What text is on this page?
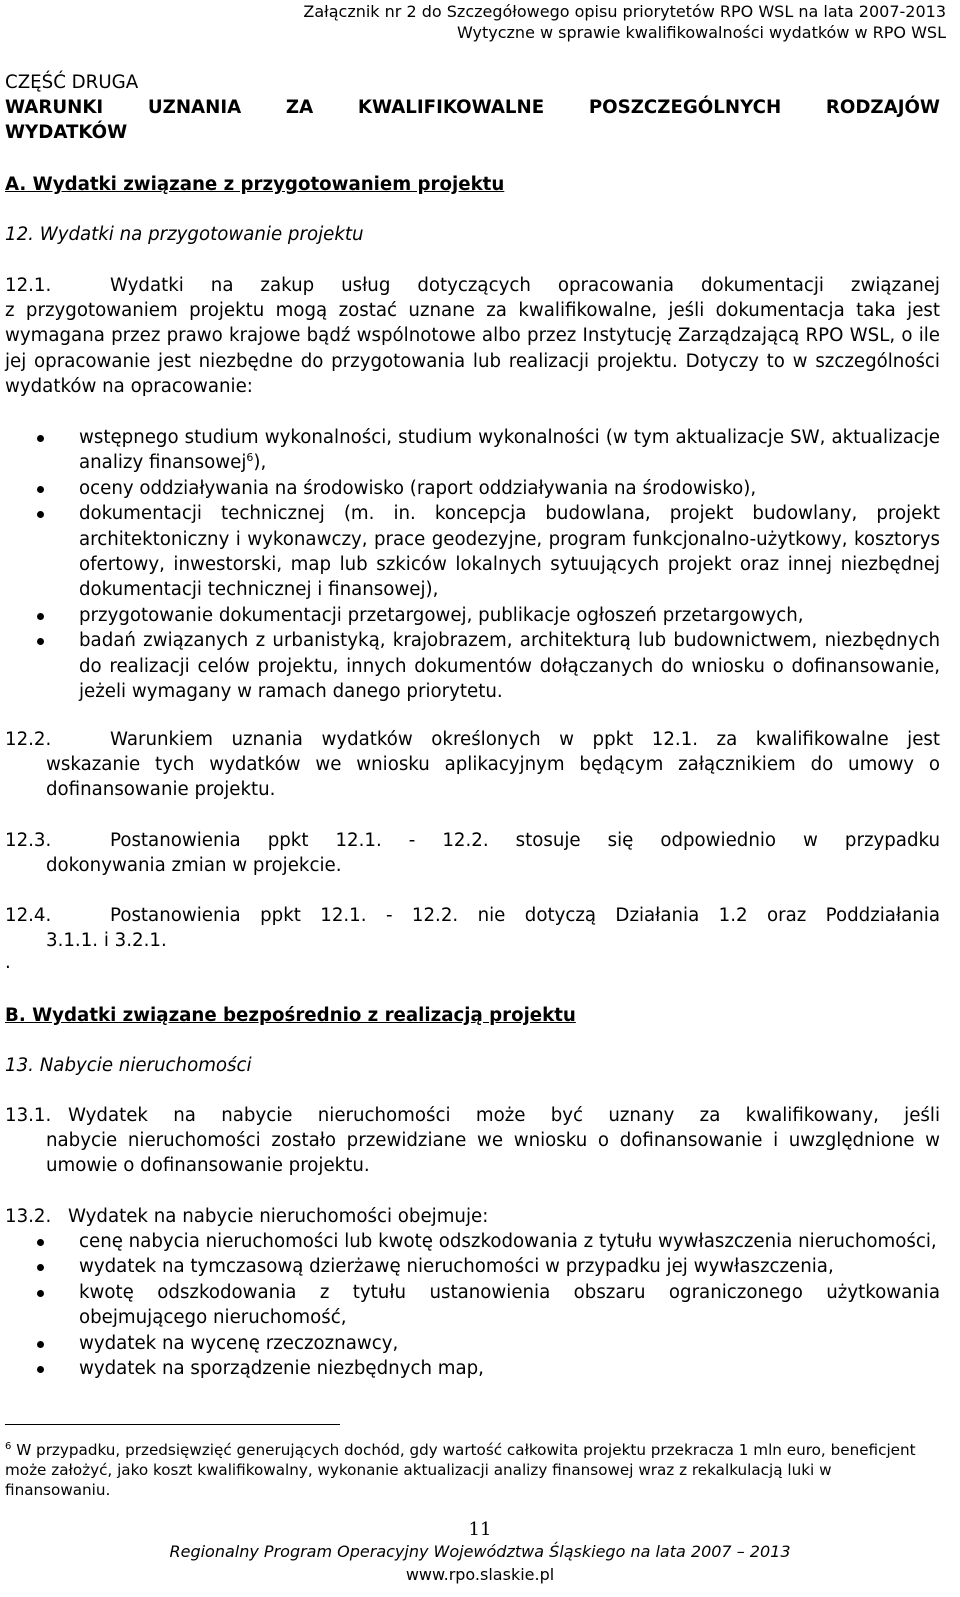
Załącznik nr 2 do Szczegółowego opisu priorytetów RPO WSL na lata 2007-2013
Wytyczne w sprawie kwalifikowalności wydatków w RPO WSL
CZĘŚĆ DRUGA
WARUNKI UZNANIA ZA KWALIFIKOWALNE POSZCZEGÓLNYCH RODZAJÓW
WYDATKÓW
A. Wydatki związane z przygotowaniem projektu
12. Wydatki na przygotowanie projektu
12.1.	Wydatki na zakup usług dotyczących opracowania dokumentacji związanej
z przygotowaniem projektu mogą zostać uznane za kwalifikowalne, jeśli dokumentacja taka jest wymagana przez prawo krajowe bądź wspólnotowe albo przez Instytucję Zarządzającą RPO WSL, o ile jej opracowanie jest niezbędne do przygotowania lub realizacji projektu. Dotyczy to w szczególności wydatków na opracowanie:
wstępnego studium wykonalności, studium wykonalności (w tym aktualizacje SW, aktualizacje analizy finansowej$^6$),
oceny oddziaływania na środowisko (raport oddziaływania na środowisko),
dokumentacji technicznej (m. in. koncepcja budowlana, projekt budowlany, projekt architektoniczny i wykonawczy, prace geodezyjne, program funkcjonalno-użytkowy, kosztorys ofertowy, inwestorski, map lub szkiców lokalnych sytuujących projekt oraz innej niezbędnej dokumentacji technicznej i finansowej),
przygotowanie dokumentacji przetargowej, publikacje ogłoszeń przetargowych,
badań związanych z urbanistyką, krajobrazem, architekturą lub budownictwem, niezbędnych do realizacji celów projektu, innych dokumentów dołączanych do wniosku o dofinansowanie, jeżeli wymagany w ramach danego priorytetu.
12.2.	Warunkiem uznania wydatków określonych w ppkt 12.1. za kwalifikowalne jest
wskazanie tych wydatków we wniosku aplikacyjnym będącym załącznikiem do umowy o dofinansowanie projektu.
12.3.	Postanowienia ppkt 12.1. - 12.2. stosuje się odpowiednio w przypadku
dokonywania zmian w projekcie.
12.4.	Postanowienia ppkt 12.1. - 12.2. nie dotyczą Działania 1.2 oraz Poddziałania
3.1.1. i 3.2.1.
.
B. Wydatki związane bezpośrednio z realizacją projektu
13. Nabycie nieruchomości
13.1. Wydatek na nabycie nieruchomości może być uznany za kwalifikowany, jeśli
nabycie nieruchomości zostało przewidziane we wniosku o dofinansowanie i uwzględnione w umowie o dofinansowanie projektu.
13.2. Wydatek na nabycie nieruchomości obejmuje:
cenę nabycia nieruchomości lub kwotę odszkodowania z tytułu wywłaszczenia nieruchomości,
wydatek na tymczasową dzierżawę nieruchomości w przypadku jej wywłaszczenia,
kwotę odszkodowania z tytułu ustanowienia obszaru ograniczonego użytkowania obejmującego nieruchomość,
wydatek na wycenę rzeczoznawcy,
wydatek na sporządzenie niezbędnych map,
$^6$ W przypadku, przedsięwzięć generujących dochód, gdy wartość całkowita projektu przekracza 1 mln euro, beneficjent może założyć, jako koszt kwalifikowalny, wykonanie aktualizacji analizy finansowej wraz z rekalkulacją luki w finansowaniu.
11
Regionalny Program Operacyjny Województwa Śląskiego na lata 2007 – 2013
www.rpo.slaskie.pl
